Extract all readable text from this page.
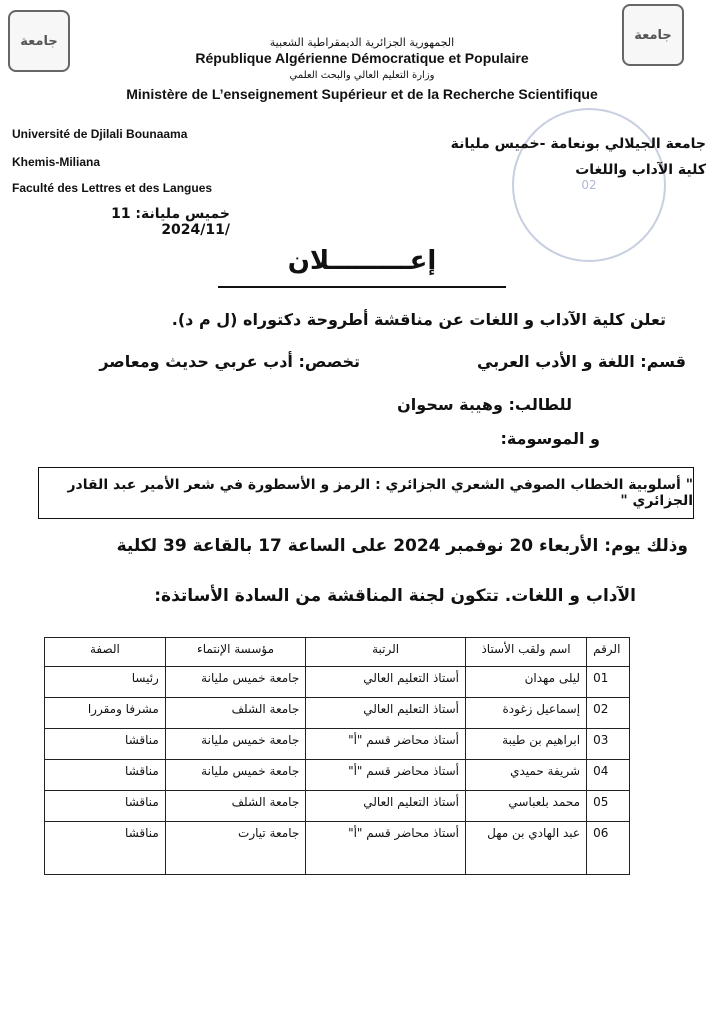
جامعة	جامعة
الجمهورية الجزائرية الديمقراطية الشعبية
République Algérienne Démocratique et Populaire
وزارة التعليم العالي والبحث العلمي
Ministère de L’enseignement Supérieur et de la Recherche Scientifique
Université de Djilali Bounaama
Khemis-Miliana
Faculté des Lettres et des Langues
خميس مليانة: 11 /2024/11
02
جامعة الجيلالي بونعامة -خميس مليانة
كلية الآداب واللغات
إعـــــــــلان
تعلن كلية الآداب و اللغات عن مناقشة أطروحة دكتوراه (ل م د).
قسم: اللغة و الأدب العربي
تخصص: أدب عربي حديث ومعاصر
للطالب: وهيبة سحوان
و الموسومة:
" أسلوبية الخطاب الصوفي الشعري الجزائري : الرمز و الأسطورة في شعر الأمير عبد القادر الجزائري "
وذلك يوم: الأربعاء 20 نوفمبر 2024 على الساعة 17 بالقاعة 39 لكلية
الآداب و اللغات. تتكون لجنة المناقشة من السادة الأساتذة:
الرقم	اسم ولقب الأستاذ	الرتبة	مؤسسة الإنتماء	الصفة
01	ليلى مهدان	أستاذ التعليم العالي	جامعة خميس مليانة	رئيسا
02	إسماعيل زغودة	أستاذ التعليم العالي	جامعة الشلف	مشرفا ومقررا
03	ابراهيم بن طيبة	أستاذ محاضر قسم "أ"	جامعة خميس مليانة	مناقشا
04	شريفة حميدي	أستاذ محاضر قسم "أ"	جامعة خميس مليانة	مناقشا
05	محمد بلعباسي	أستاذ التعليم العالي	جامعة الشلف	مناقشا
06	عبد الهادي بن مهل	أستاذ محاضر قسم "أ"	جامعة تيارت	مناقشا
